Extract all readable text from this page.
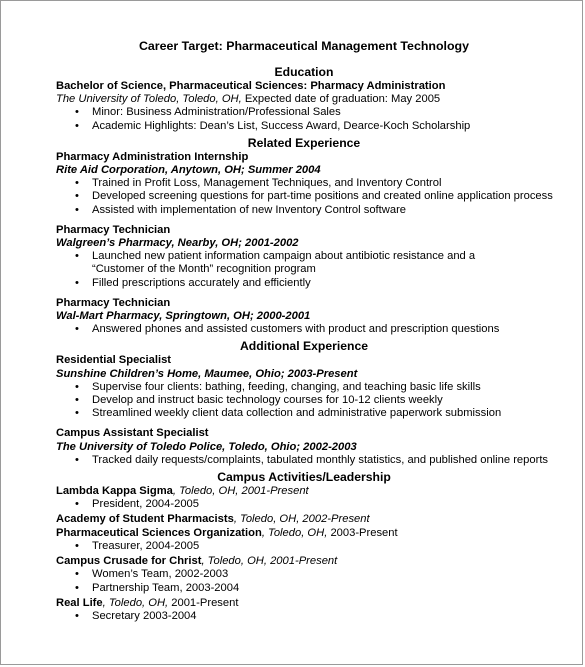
Career Target: Pharmaceutical Management Technology
Education
Bachelor of Science, Pharmaceutical Sciences: Pharmacy Administration
The University of Toledo, Toledo, OH, Expected date of graduation: May 2005
• Minor: Business Administration/Professional Sales
• Academic Highlights: Dean’s List, Success Award, Dearce-Koch Scholarship
Related Experience
Pharmacy Administration Internship
Rite Aid Corporation, Anytown, OH; Summer 2004
• Trained in Profit Loss, Management Techniques, and Inventory Control
• Developed screening questions for part-time positions and created online application process
• Assisted with implementation of new Inventory Control software
Pharmacy Technician
Walgreen’s Pharmacy, Nearby, OH; 2001-2002
• Launched new patient information campaign about antibiotic resistance and a “Customer of the Month” recognition program
• Filled prescriptions accurately and efficiently
Pharmacy Technician
Wal-Mart Pharmacy, Springtown, OH; 2000-2001
• Answered phones and assisted customers with product and prescription questions
Additional Experience
Residential Specialist
Sunshine Children’s Home, Maumee, Ohio; 2003-Present
• Supervise four clients: bathing, feeding, changing, and teaching basic life skills
• Develop and instruct basic technology courses for 10-12 clients weekly
• Streamlined weekly client data collection and administrative paperwork submission
Campus Assistant Specialist
The University of Toledo Police, Toledo, Ohio; 2002-2003
• Tracked daily requests/complaints, tabulated monthly statistics, and published online reports
Campus Activities/Leadership
Lambda Kappa Sigma, Toledo, OH, 2001-Present
• President, 2004-2005
Academy of Student Pharmacists, Toledo, OH, 2002-Present
Pharmaceutical Sciences Organization, Toledo, OH, 2003-Present
• Treasurer, 2004-2005
Campus Crusade for Christ, Toledo, OH, 2001-Present
• Women’s Team, 2002-2003
• Partnership Team, 2003-2004
Real Life, Toledo, OH, 2001-Present
• Secretary 2003-2004
